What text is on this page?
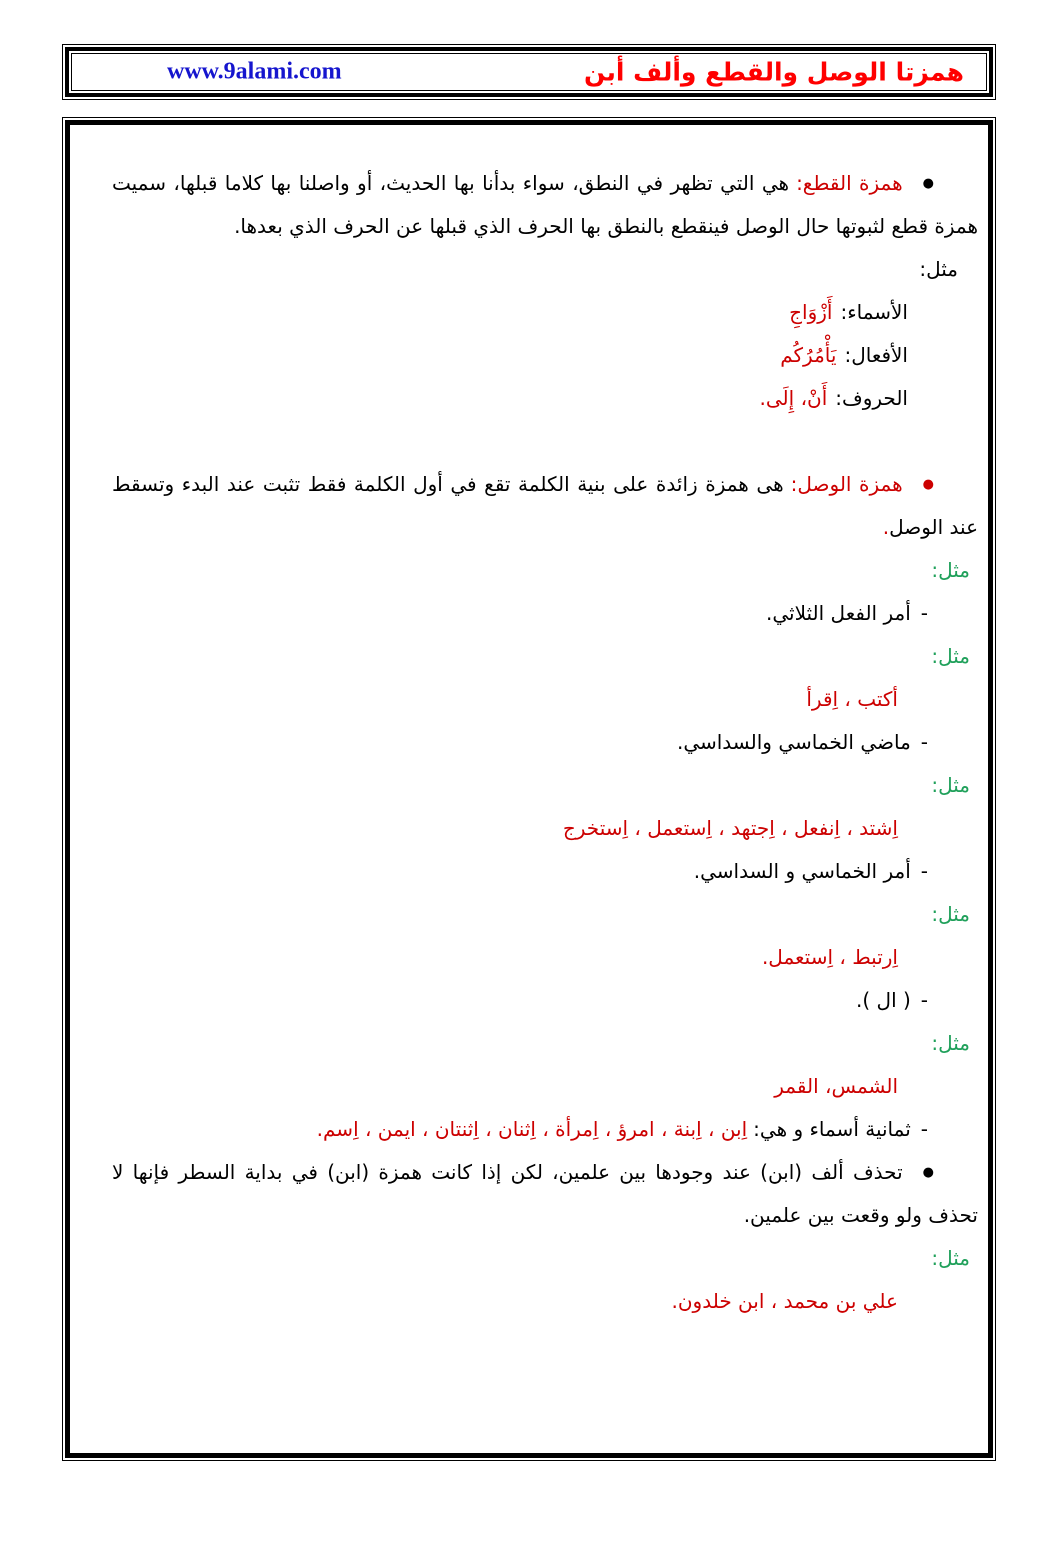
www.9alami.com	همزتا الوصل والقطع وألف أبن

●همزة القطع:هي التي تظهر في النطق، سواء بدأنا بها الحديث، أو واصلنا بها كلاما قبلها، سميت همزة قطع لثبوتها حال الوصل فينقطع بالنطق بها الحرف الذي قبلها عن الحرف الذي بعدها.

مثل:

الأسماء:أَزْوَاجِ

الأفعال:يَأْمُرُكُم

الحروف:أَنْ، إِلَى.

●همزة الوصل:هى همزة زائدة على بنية الكلمة تقع في أول الكلمة فقط تثبت عند البدء وتسقط عند الوصل.

مثل:

-أمر الفعل الثلاثي.

مثل:

أكتب ، اِقرأ

-ماضي الخماسي والسداسي.

مثل:

اِشتد ، اِنفعل ، اِجتهد ، اِستعمل ، اِستخرج

-أمر الخماسي و السداسي.

مثل:

اِرتبط ، اِستعمل.

-( ال ).

مثل:

الشمس، القمر

-ثمانية أسماء و هي:اِبن ، اِبنة ، امرؤ ، اِمرأة ، اِثنان ، اِثنتان ، ايمن ، اِسم.

●تحذف ألف (ابن) عند وجودها بين علمين، لكن إذا كانت همزة (ابن) في بداية السطر فإنها لا تحذف ولو وقعت بين علمين.

مثل:

علي بن محمد ، ابن خلدون.
